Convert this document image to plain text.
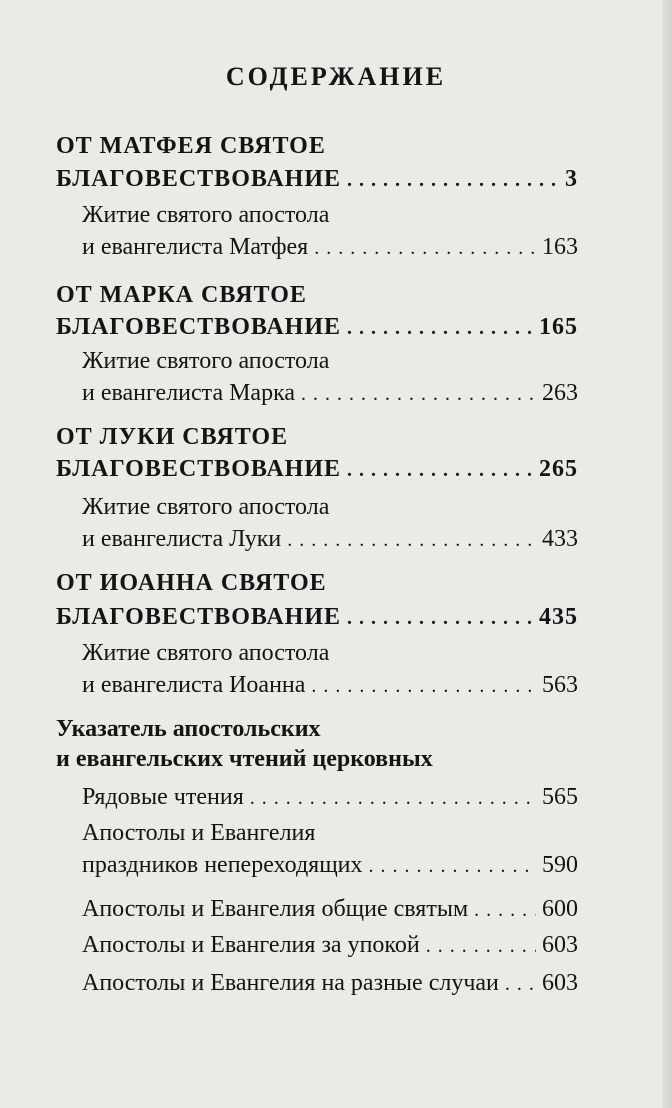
СОДЕРЖАНИЕ
ОТ МАТФЕЯ СВЯТОЕ
БЛАГОВЕСТВОВАНИЕ . . .	3
Житие святого апостола
и евангелиста Матфея . . .	163
ОТ МАРКА СВЯТОЕ
БЛАГОВЕСТВОВАНИЕ . . .	165
Житие святого апостола
и евангелиста Марка . . .	263
ОТ ЛУКИ СВЯТОЕ
БЛАГОВЕСТВОВАНИЕ . . .	265
Житие святого апостола
и евангелиста Луки . . .	433
ОТ ИОАННА СВЯТОЕ
БЛАГОВЕСТВОВАНИЕ . . .	435
Житие святого апостола
и евангелиста Иоанна . . .	563
Указатель апостольских
и евангельских чтений церковных
Рядовые чтения . . .	565
Апостолы и Евангелия
праздников непереходящих . . .	590
Апостолы и Евангелия общие святым . . .	600
Апостолы и Евангелия за упокой . . .	603
Апостолы и Евангелия на разные случаи . . . 603
